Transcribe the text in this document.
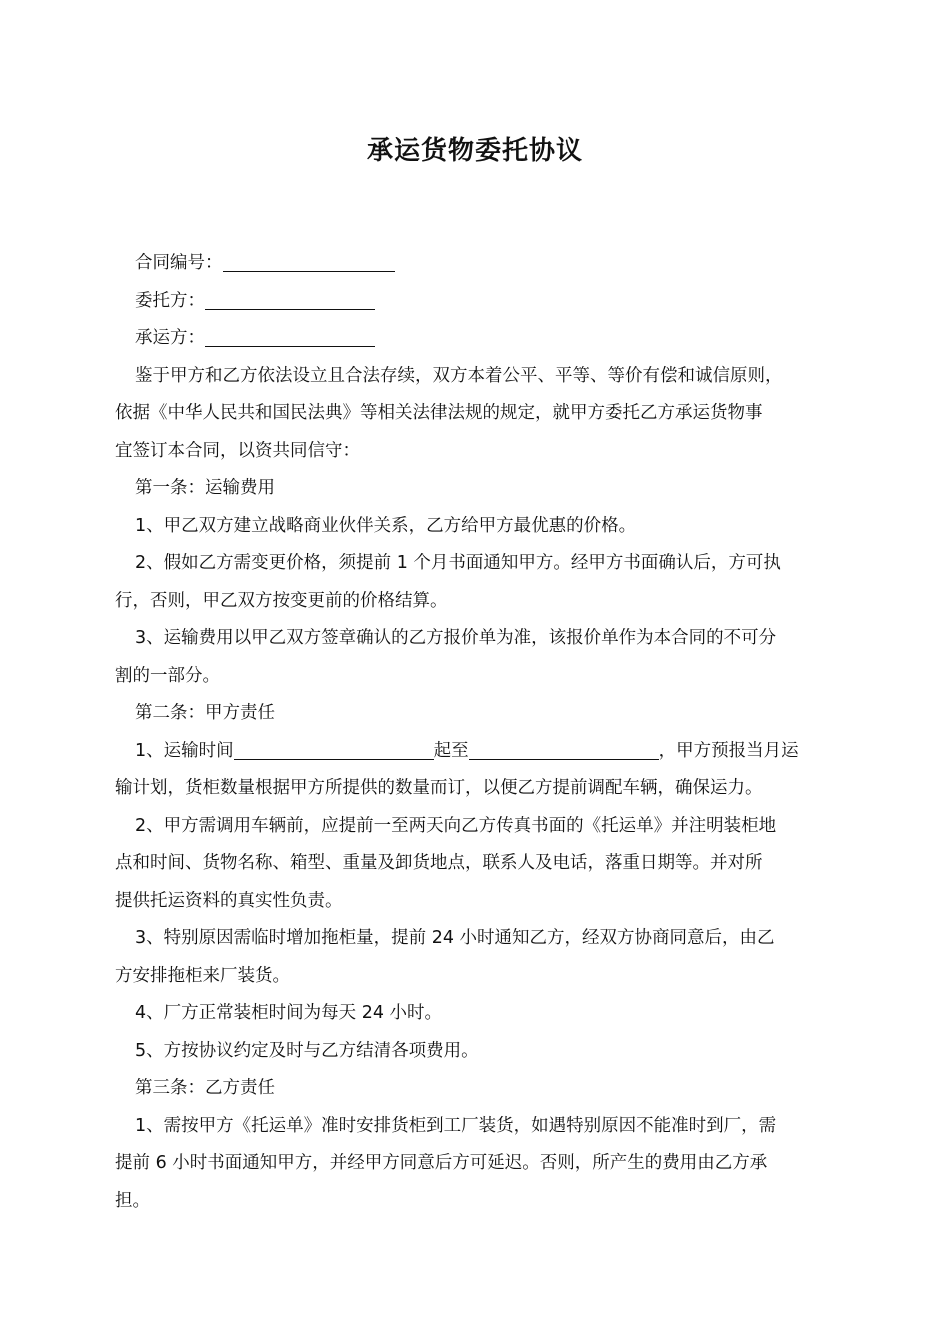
承运货物委托协议
合同编号：
委托方：
承运方：
鉴于甲方和乙方依法设立且合法存续，双方本着公平、平等、等价有偿和诚信原则，
依据《中华人民共和国民法典》等相关法律法规的规定，就甲方委托乙方承运货物事
宜签订本合同，以资共同信守：
第一条：运输费用
1、甲乙双方建立战略商业伙伴关系，乙方给甲方最优惠的价格。
2、假如乙方需变更价格，须提前 1 个月书面通知甲方。经甲方书面确认后，方可执
行，否则，甲乙双方按变更前的价格结算。
3、运输费用以甲乙双方签章确认的乙方报价单为准，该报价单作为本合同的不可分
割的一部分。
第二条：甲方责任
1、运输时间	起至	，甲方预报当月运
输计划，货柜数量根据甲方所提供的数量而订，以便乙方提前调配车辆，确保运力。
2、甲方需调用车辆前，应提前一至两天向乙方传真书面的《托运单》并注明装柜地
点和时间、货物名称、箱型、重量及卸货地点，联系人及电话，落重日期等。并对所
提供托运资料的真实性负责。
3、特别原因需临时增加拖柜量，提前 24 小时通知乙方，经双方协商同意后，由乙
方安排拖柜来厂装货。
4、厂方正常装柜时间为每天 24 小时。
5、方按协议约定及时与乙方结清各项费用。
第三条：乙方责任
1、需按甲方《托运单》准时安排货柜到工厂装货，如遇特别原因不能准时到厂，需
提前 6 小时书面通知甲方，并经甲方同意后方可延迟。否则，所产生的费用由乙方承
担。
